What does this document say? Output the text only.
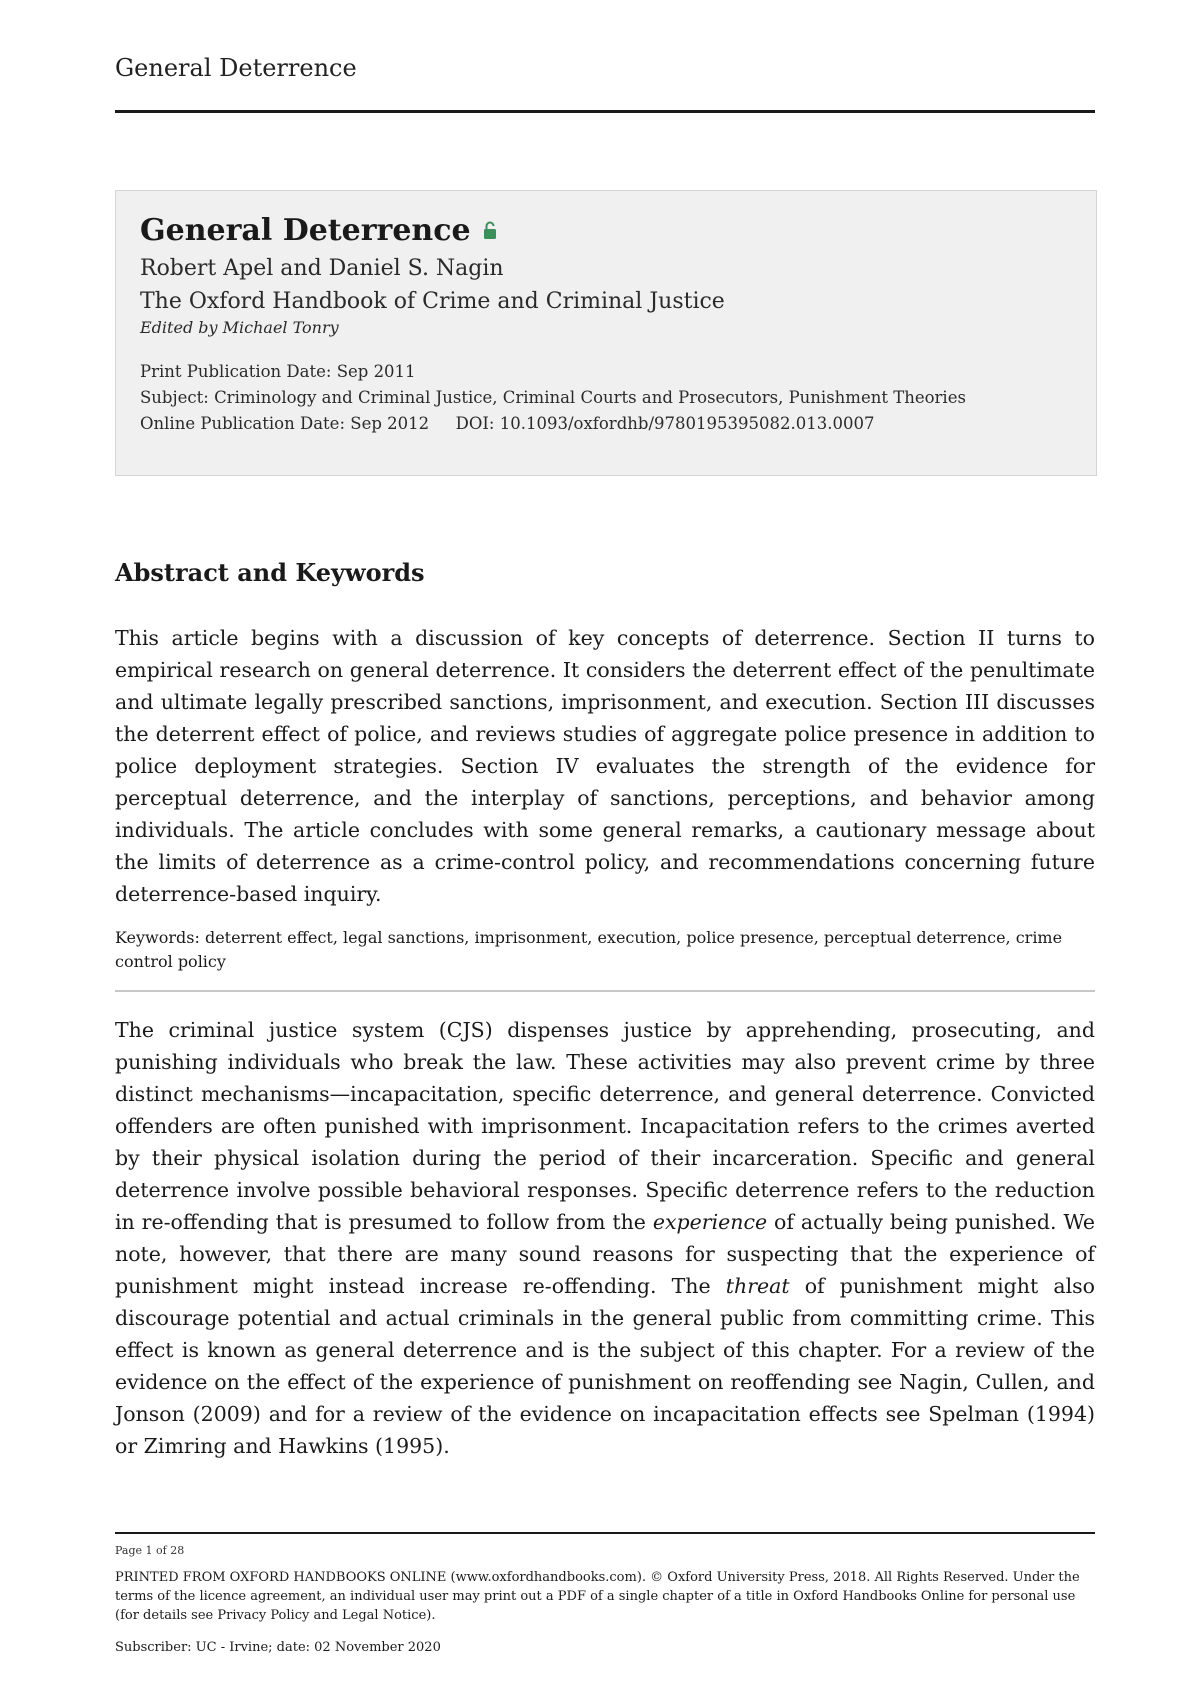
General Deterrence
General Deterrence
Robert Apel and Daniel S. Nagin
The Oxford Handbook of Crime and Criminal Justice
Edited by Michael Tonry
Print Publication Date: Sep 2011
Subject: Criminology and Criminal Justice, Criminal Courts and Prosecutors, Punishment Theories
Online Publication Date: Sep 2012 DOI: 10.1093/oxfordhb/9780195395082.013.0007
Abstract and Keywords
This article begins with a discussion of key concepts of deterrence. Section II turns to empirical research on general deterrence. It considers the deterrent effect of the penultimate and ultimate legally prescribed sanctions, imprisonment, and execution. Section III discusses the deterrent effect of police, and reviews studies of aggregate police presence in addition to police deployment strategies. Section IV evaluates the strength of the evidence for perceptual deterrence, and the interplay of sanctions, perceptions, and behavior among individuals. The article concludes with some general remarks, a cautionary message about the limits of deterrence as a crime-control policy, and recommendations concerning future deterrence-based inquiry.
Keywords: deterrent effect, legal sanctions, imprisonment, execution, police presence, perceptual deterrence, crime control policy
The criminal justice system (CJS) dispenses justice by apprehending, prosecuting, and punishing individuals who break the law. These activities may also prevent crime by three distinct mechanisms—incapacitation, specific deterrence, and general deterrence. Convicted offenders are often punished with imprisonment. Incapacitation refers to the crimes averted by their physical isolation during the period of their incarceration. Specific and general deterrence involve possible behavioral responses. Specific deterrence refers to the reduction in re-offending that is presumed to follow from the experience of actually being punished. We note, however, that there are many sound reasons for suspecting that the experience of punishment might instead increase re-offending. The threat of punishment might also discourage potential and actual criminals in the general public from committing crime. This effect is known as general deterrence and is the subject of this chapter. For a review of the evidence on the effect of the experience of punishment on reoffending see Nagin, Cullen, and Jonson (2009) and for a review of the evidence on incapacitation effects see Spelman (1994) or Zimring and Hawkins (1995).
Page 1 of 28
PRINTED FROM OXFORD HANDBOOKS ONLINE (www.oxfordhandbooks.com). © Oxford University Press, 2018. All Rights Reserved. Under the terms of the licence agreement, an individual user may print out a PDF of a single chapter of a title in Oxford Handbooks Online for personal use (for details see Privacy Policy and Legal Notice).
Subscriber: UC - Irvine; date: 02 November 2020
